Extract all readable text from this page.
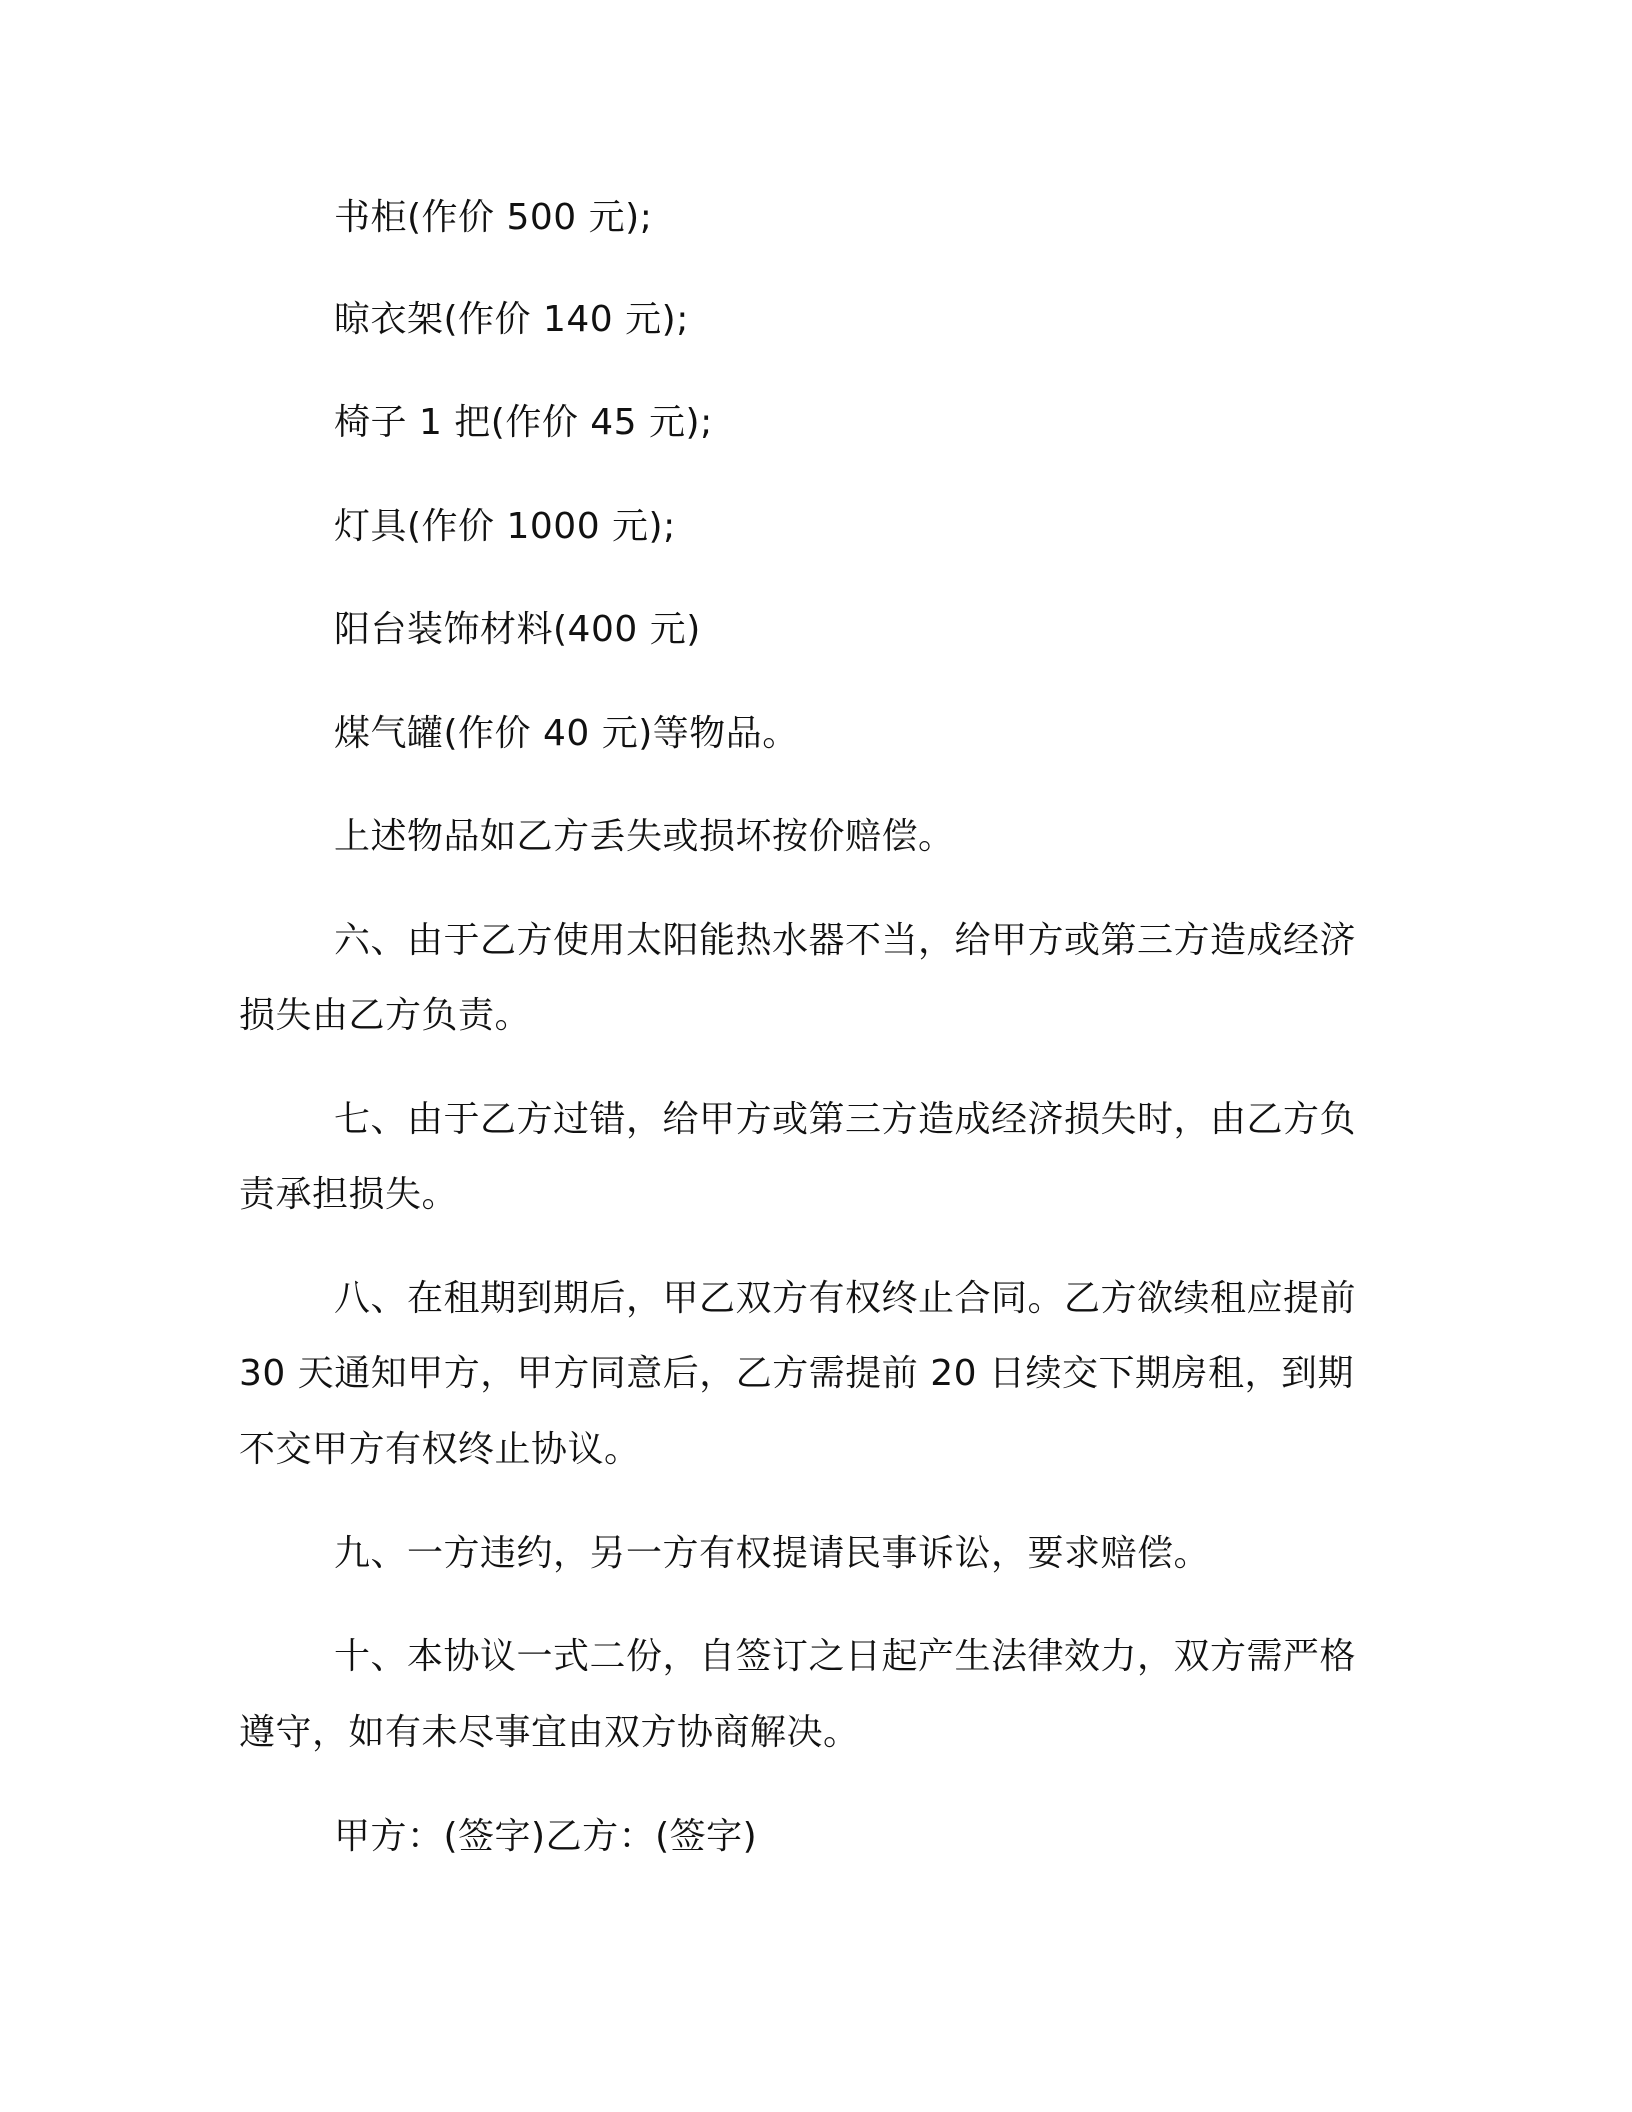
书柜(作价 500 元);
晾衣架(作价 140 元);
椅子 1 把(作价 45 元);
灯具(作价 1000 元);
阳台装饰材料(400 元)
煤气罐(作价 40 元)等物品。
上述物品如乙方丢失或损坏按价赔偿。
六、由于乙方使用太阳能热水器不当，给甲方或第三方造成经济
损失由乙方负责。
七、由于乙方过错，给甲方或第三方造成经济损失时，由乙方负
责承担损失。
八、在租期到期后，甲乙双方有权终止合同。乙方欲续租应提前
30 天通知甲方，甲方同意后，乙方需提前 20 日续交下期房租，到期
不交甲方有权终止协议。
九、一方违约，另一方有权提请民事诉讼，要求赔偿。
十、本协议一式二份，自签订之日起产生法律效力，双方需严格
遵守，如有未尽事宜由双方协商解决。
甲方：(签字)乙方：(签字)
